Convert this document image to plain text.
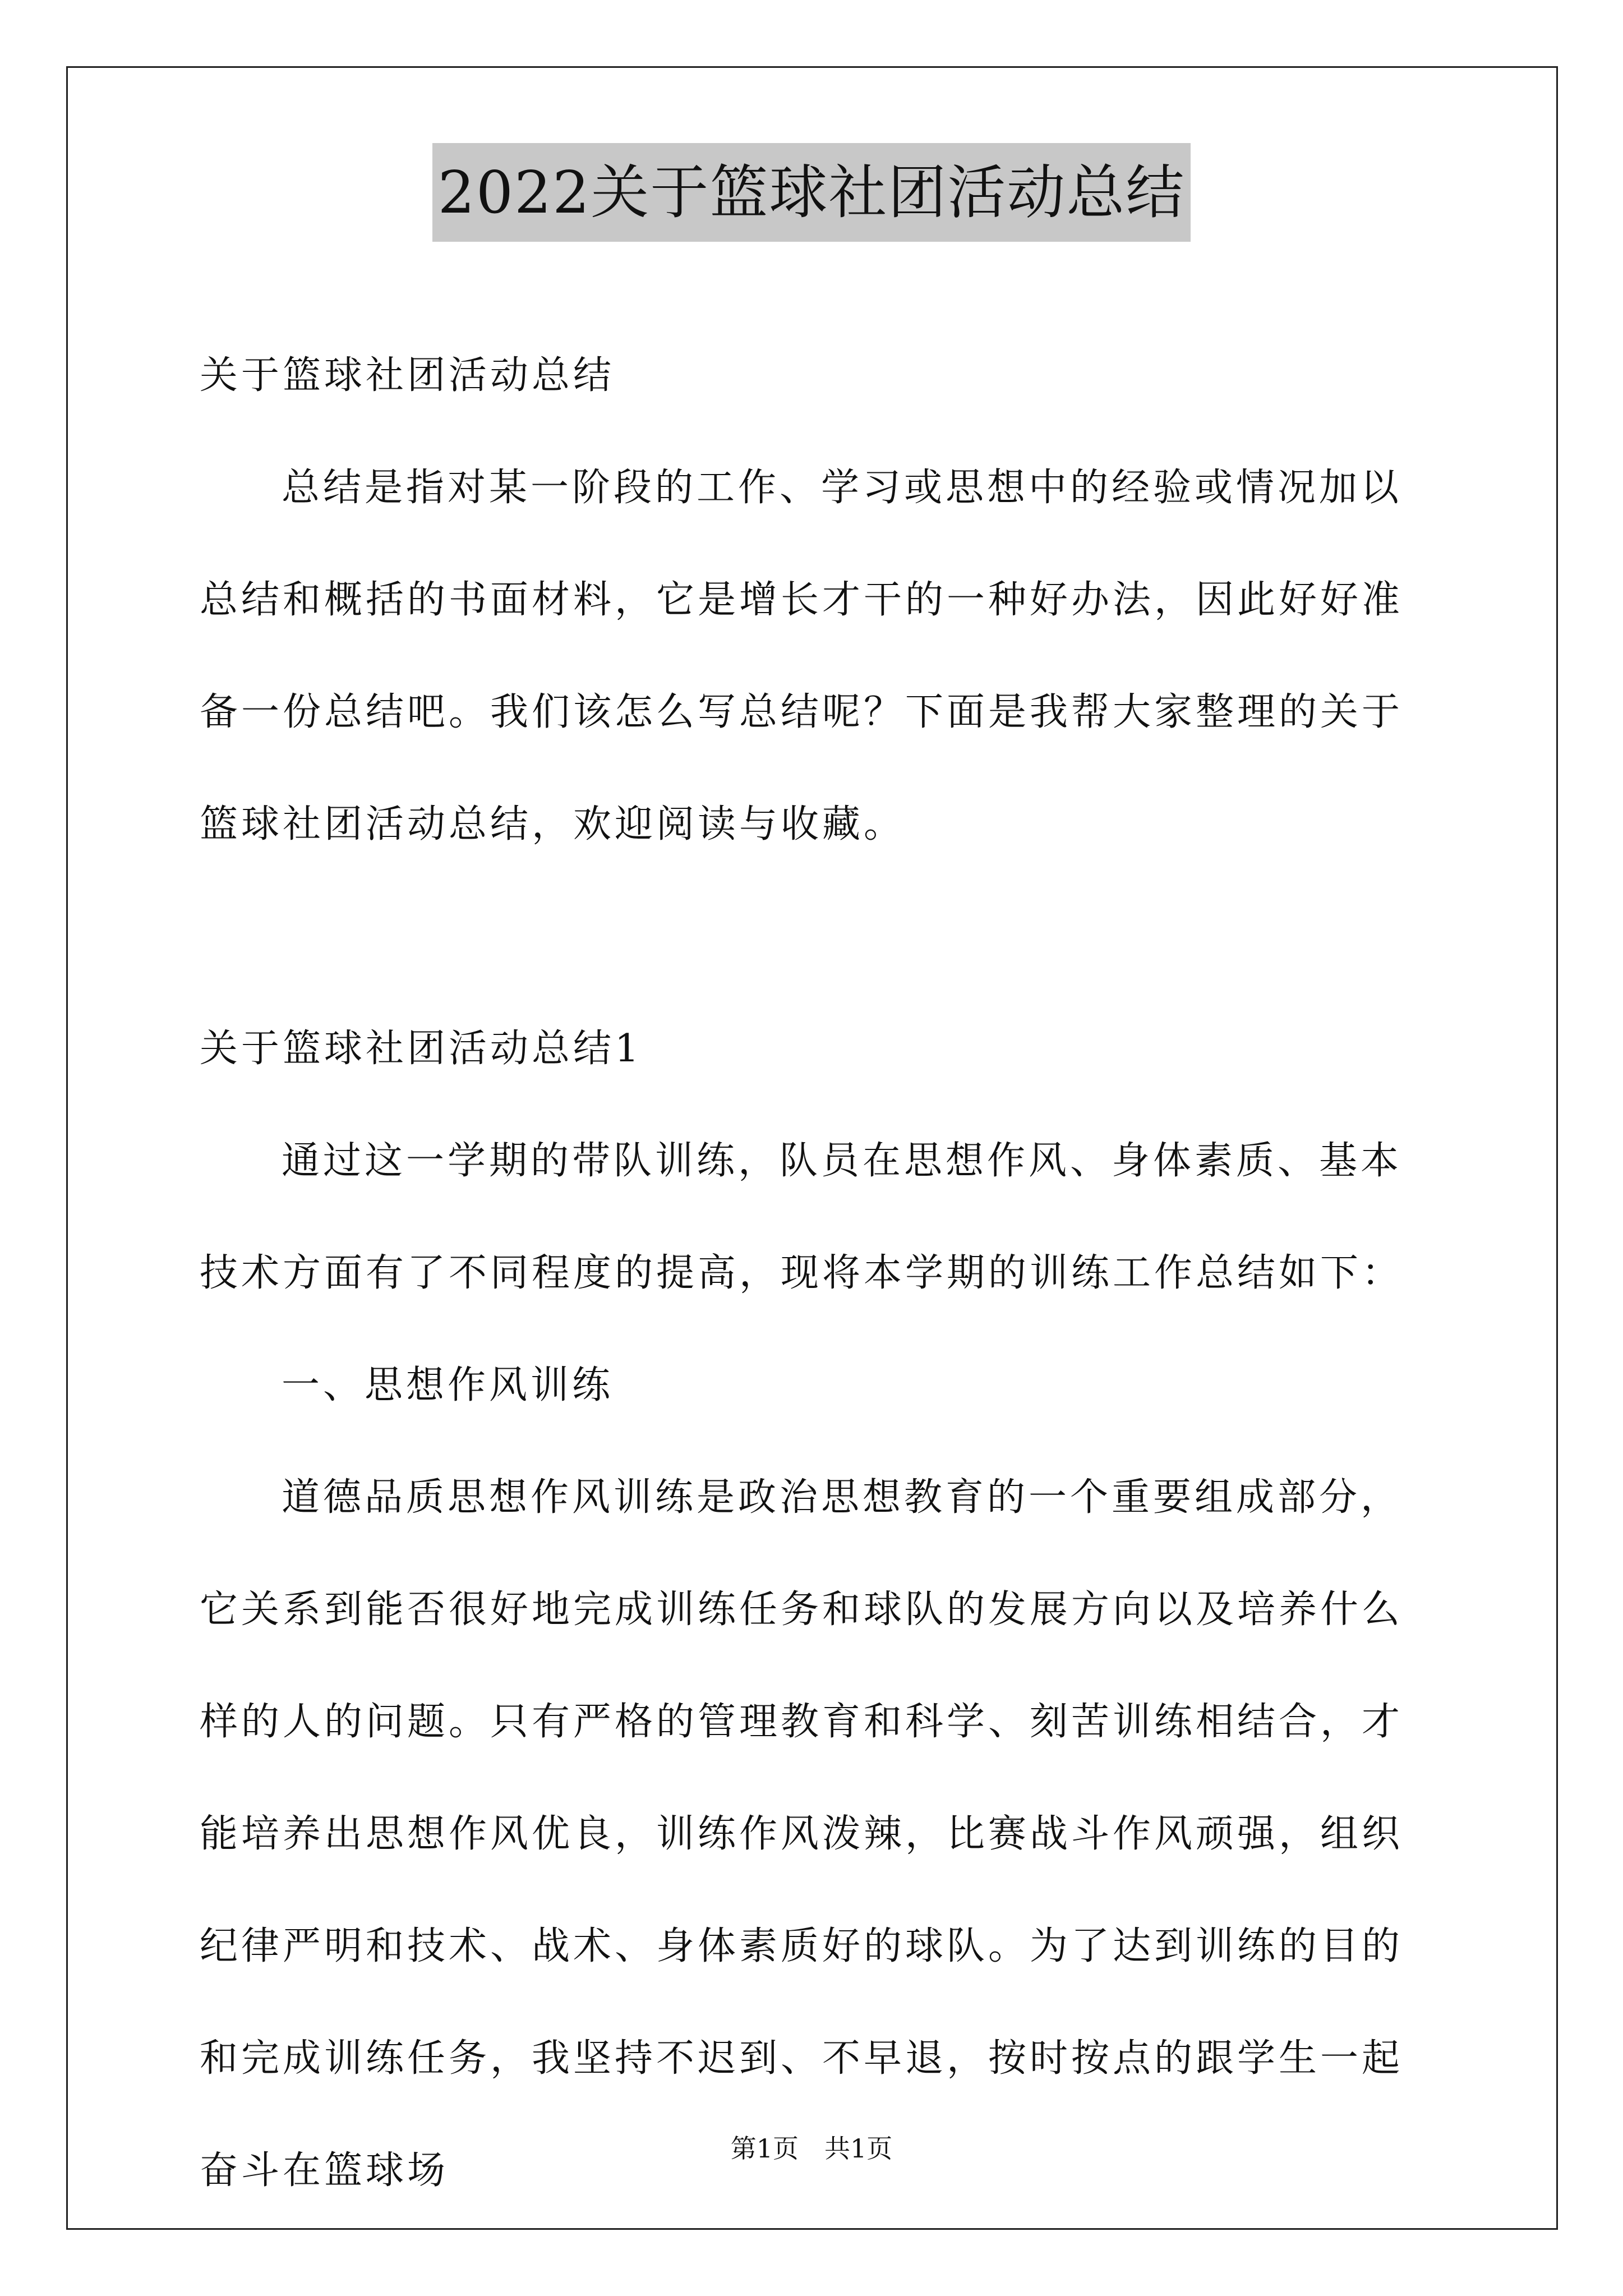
2022关于篮球社团活动总结

关于篮球社团活动总结

总结是指对某一阶段的工作、学习或思想中的经验或情况加以总结和概括的书面材料，它是增长才干的一种好办法，因此好好准备一份总结吧。我们该怎么写总结呢？下面是我帮大家整理的关于篮球社团活动总结，欢迎阅读与收藏。

关于篮球社团活动总结1

通过这一学期的带队训练，队员在思想作风、身体素质、基本技术方面有了不同程度的提高，现将本学期的训练工作总结如下：

一、思想作风训练

道德品质思想作风训练是政治思想教育的一个重要组成部分，它关系到能否很好地完成训练任务和球队的发展方向以及培养什么样的人的问题。只有严格的管理教育和科学、刻苦训练相结合，才能培养出思想作风优良，训练作风泼辣，比赛战斗作风顽强，组织纪律严明和技术、战术、身体素质好的球队。为了达到训练的目的和完成训练任务，我坚持不迟到、不早退，按时按点的跟学生一起奋斗在篮球场	第1页　共1页
